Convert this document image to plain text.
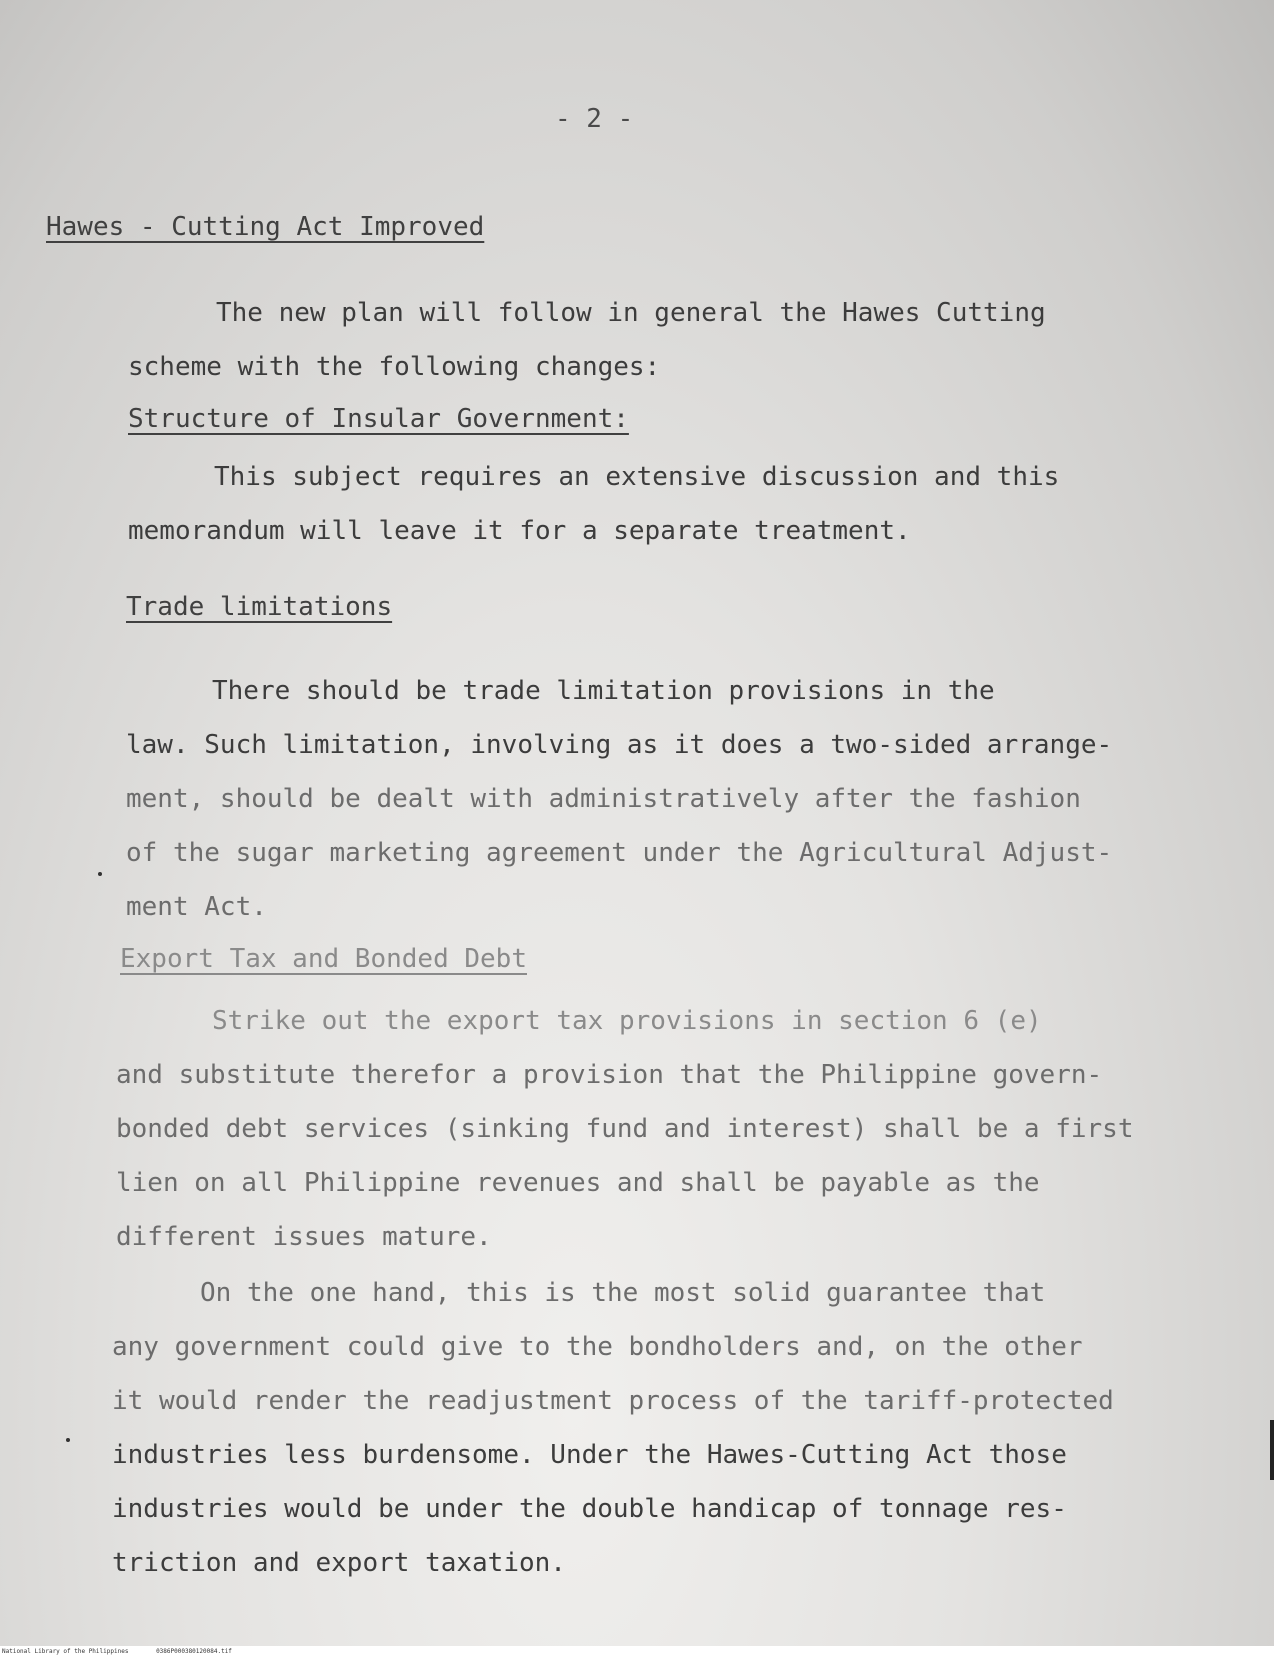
- 2 -
Hawes - Cutting Act Improved
The new plan will follow in general the Hawes Cutting
scheme with the following changes:
Structure of Insular Government:
This subject requires an extensive discussion and this
memorandum will leave it for a separate treatment.
Trade limitations
There should be trade limitation provisions in the
law. Such limitation, involving as it does a two-sided arrange-
ment, should be dealt with administratively after the fashion
of the sugar marketing agreement under the Agricultural Adjust-
ment Act.
Export Tax and Bonded Debt
Strike out the export tax provisions in section 6 (e)
and substitute therefor a provision that the Philippine govern-
bonded debt services (sinking fund and interest) shall be a first
lien on all Philippine revenues and shall be payable as the
different issues mature.
On the one hand, this is the most solid guarantee that
any government could give to the bondholders and, on the other
it would render the readjustment process of the tariff-protected
industries less burdensome. Under the Hawes-Cutting Act those
industries would be under the double handicap of tonnage res-
triction and export taxation.
National Library of the Philippines	0386P000380120084.tif
